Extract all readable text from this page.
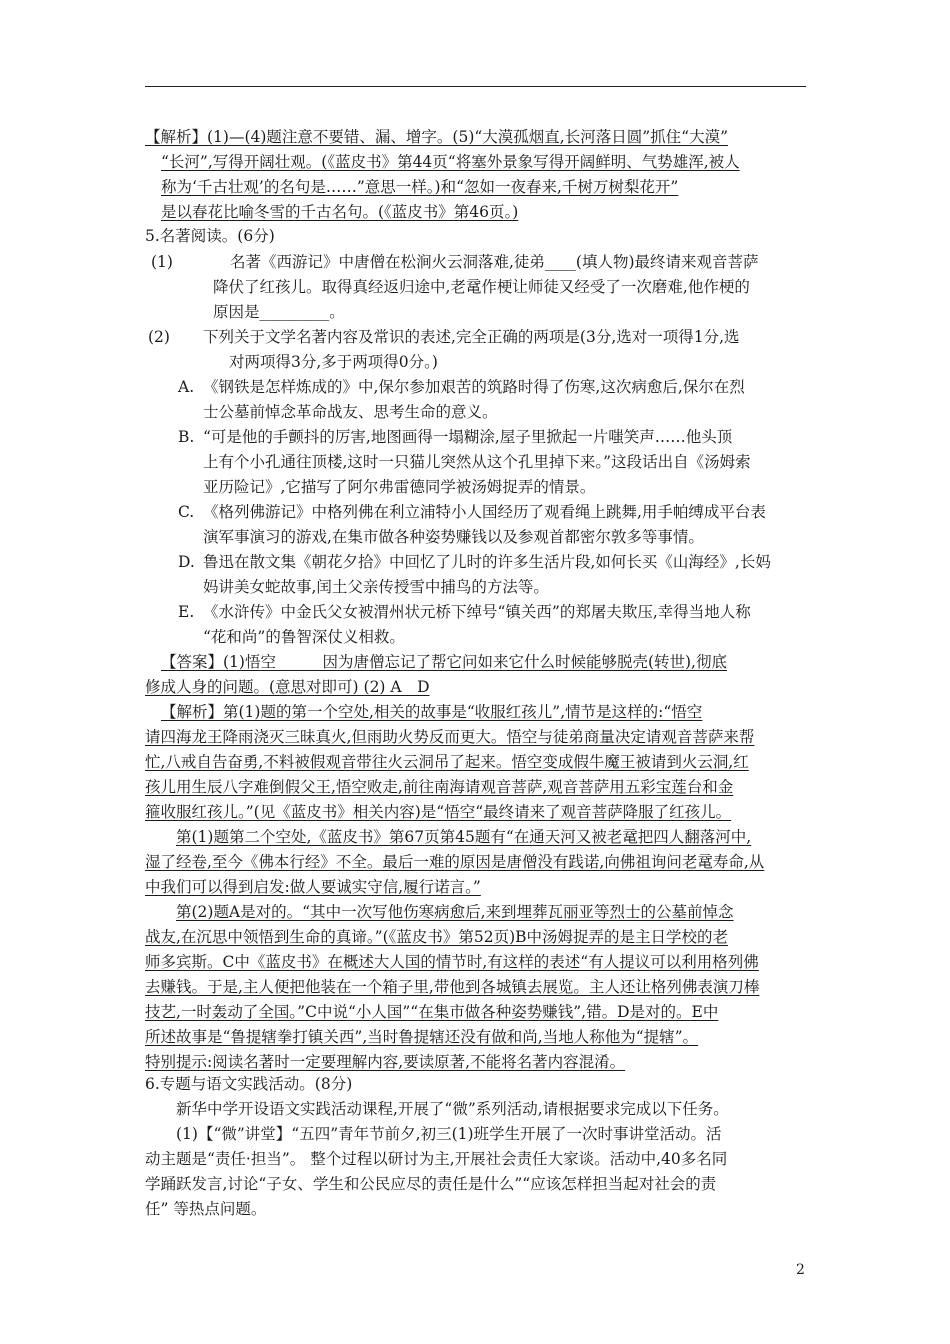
【解析】(1)—(4)题注意不要错、漏、增字。(5)“大漠孤烟直,长河落日圆”抓住“大漠”
“长河”,写得开阔壮观。(《蓝皮书》第44页“将塞外景象写得开阔鲜明、气势雄浑,被人
称为‘千古壮观’的名句是……”意思一样。)和“忽如一夜春来,千树万树梨花开”
是以春花比喻冬雪的千古名句。(《蓝皮书》第46页。)
5.名著阅读。(6分)
(1)	名著《西游记》中唐僧在松涧火云洞落难,徒弟____(填人物)最终请来观音菩萨
降伏了红孩儿。取得真经返归途中,老鼋作梗让师徒又经受了一次磨难,他作梗的
原因是_________。
(2) 下列关于文学名著内容及常识的表述,完全正确的两项是(3分,选对一项得1分,选
对两项得3分,多于两项得0分。)
A. 《钢铁是怎样炼成的》中,保尔参加艰苦的筑路时得了伤寒,这次病愈后,保尔在烈
士公墓前悼念革命战友、思考生命的意义。
B. “可是他的手颤抖的厉害,地图画得一塌糊涂,屋子里掀起一片嗤笑声……他头顶
上有个小孔通往顶楼,这时一只猫儿突然从这个孔里掉下来。”这段话出自《汤姆索
亚历险记》,它描写了阿尔弗雷德同学被汤姆捉弄的情景。
C. 《格列佛游记》中格列佛在利立浦特小人国经历了观看绳上跳舞,用手帕缚成平台表
演军事演习的游戏,在集市做各种姿势赚钱以及参观首都密尔敦多等事情。
D. 鲁迅在散文集《朝花夕拾》中回忆了儿时的许多生活片段,如何长买《山海经》,长妈
妈讲美女蛇故事,闰土父亲传授雪中捕鸟的方法等。
E. 《水浒传》中金氏父女被渭州状元桥下绰号“镇关西”的郑屠夫欺压,幸得当地人称
“花和尚”的鲁智深仗义相救。
【答案】(1)悟空　　　因为唐僧忘记了帮它问如来它什么时候能够脱壳(转世),彻底
修成人身的问题。(意思对即可) (2) A　D
【解析】第(1)题的第一个空处,相关的故事是“收服红孩儿”,情节是这样的:“悟空
请四海龙王降雨浇灭三昧真火,但雨助火势反而更大。悟空与徒弟商量决定请观音菩萨来帮
忙,八戒自告奋勇,不料被假观音带往火云洞吊了起来。悟空变成假牛魔王被请到火云洞,红
孩儿用生辰八字难倒假父王,悟空败走,前往南海请观音菩萨,观音菩萨用五彩宝莲台和金
箍收服红孩儿。”(见《蓝皮书》相关内容)是“悟空“最终请来了观音菩萨降服了红孩儿。
第(1)题第二个空处,《蓝皮书》第67页第45题有“在通天河又被老鼋把四人翻落河中,
湿了经卷,至今《佛本行经》不全。最后一难的原因是唐僧没有践诺,向佛祖询问老鼋寿命,从
中我们可以得到启发:做人要诚实守信,履行诺言。”
第(2)题A是对的。“其中一次写他伤寒病愈后,来到埋葬瓦丽亚等烈士的公墓前悼念
战友,在沉思中领悟到生命的真谛。”(《蓝皮书》第52页)B中汤姆捉弄的是主日学校的老
师多宾斯。C中《蓝皮书》在概述大人国的情节时,有这样的表述“有人提议可以利用格列佛
去赚钱。于是,主人便把他装在一个箱子里,带他到各城镇去展览。主人还让格列佛表演刀棒
技艺,一时轰动了全国。”C中说“小人国”“在集市做各种姿势赚钱”,错。D是对的。E中
所述故事是“鲁提辖拳打镇关西”,当时鲁提辖还没有做和尚,当地人称他为“提辖”。
特别提示:阅读名著时一定要理解内容,要读原著,不能将名著内容混淆。
6.专题与语文实践活动。(8分)
新华中学开设语文实践活动课程,开展了“微”系列活动,请根据要求完成以下任务。
(1)【“微”讲堂】“五四”青年节前夕,初三(1)班学生开展了一次时事讲堂活动。活
动主题是“责任·担当”。 整个过程以研讨为主,开展社会责任大家谈。活动中,40多名同
学踊跃发言,讨论“子女、学生和公民应尽的责任是什么”“应该怎样担当起对社会的责
任” 等热点问题。
2
